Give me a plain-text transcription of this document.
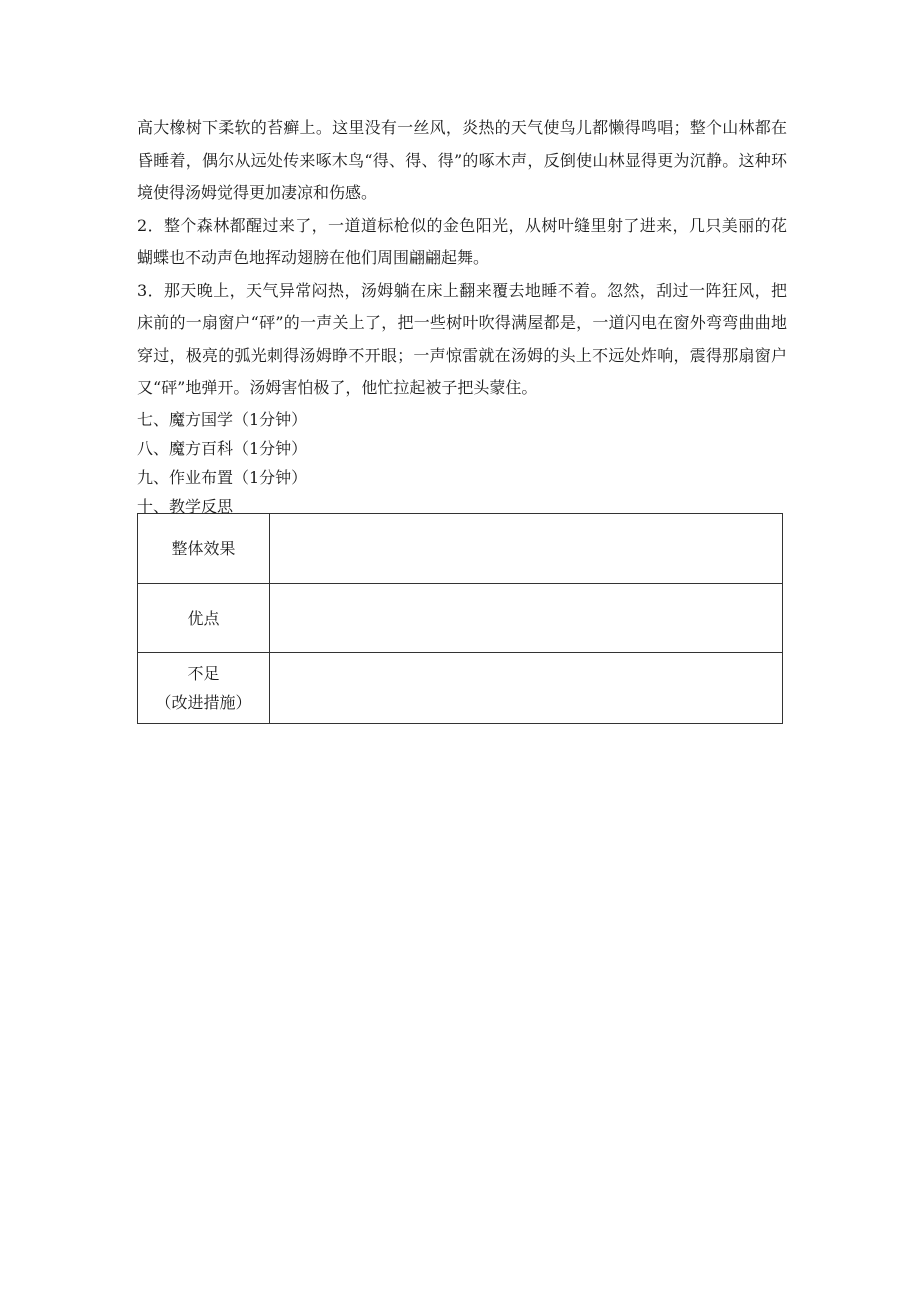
高大橡树下柔软的苔癣上。这里没有一丝风，炎热的天气使鸟儿都懒得鸣唱；整个山林都在昏睡着，偶尔从远处传来啄木鸟“得、得、得”的啄木声，反倒使山林显得更为沉静。这种环境使得汤姆觉得更加凄凉和伤感。

2．整个森林都醒过来了，一道道标枪似的金色阳光，从树叶缝里射了进来，几只美丽的花蝴蝶也不动声色地挥动翅膀在他们周围翩翩起舞。

3．那天晚上，天气异常闷热，汤姆躺在床上翻来覆去地睡不着。忽然，刮过一阵狂风，把床前的一扇窗户“砰”的一声关上了，把一些树叶吹得满屋都是，一道闪电在窗外弯弯曲曲地穿过，极亮的弧光刺得汤姆睁不开眼；一声惊雷就在汤姆的头上不远处炸响，震得那扇窗户又“砰”地弹开。汤姆害怕极了，他忙拉起被子把头蒙住。

七、魔方国学（1分钟）

八、魔方百科（1分钟）

九、作业布置（1分钟）

十、教学反思

整体效果	
优点	

不足
（改进措施）	
